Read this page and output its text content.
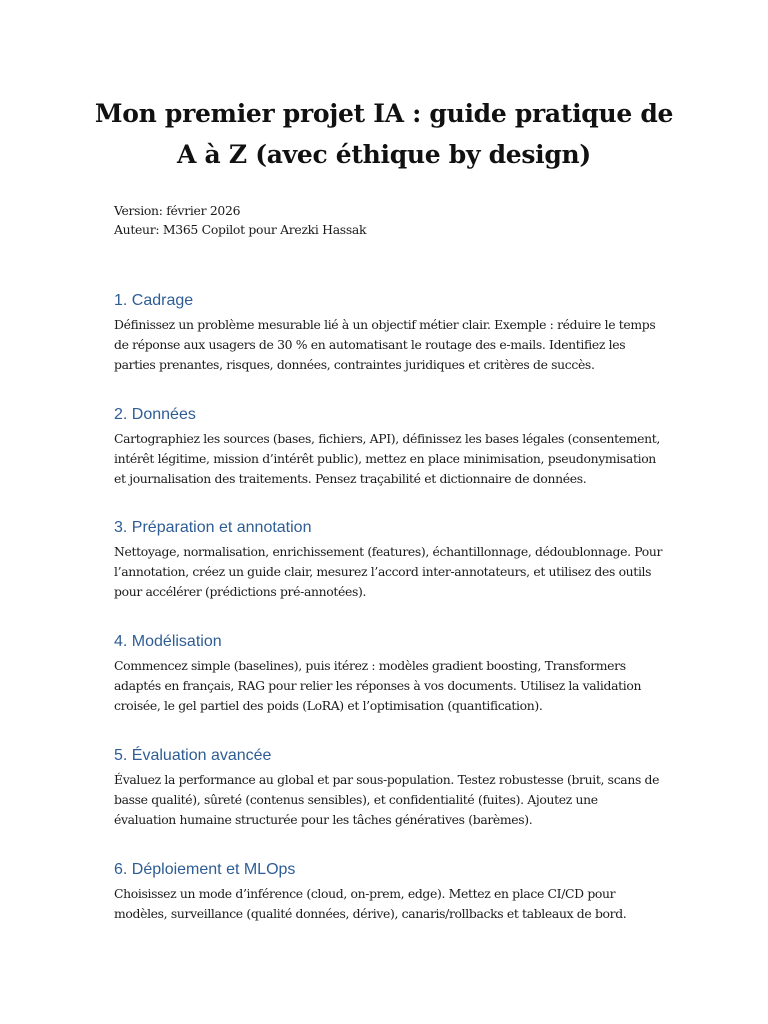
Mon premier projet IA : guide pratique de
A à Z (avec éthique by design)
Version: février 2026
Auteur: M365 Copilot pour Arezki Hassak
1. Cadrage

Définissez un problème mesurable lié à un objectif métier clair. Exemple : réduire le temps
de réponse aux usagers de 30 % en automatisant le routage des e-mails. Identifiez les
parties prenantes, risques, données, contraintes juridiques et critères de succès.

2. Données

Cartographiez les sources (bases, fichiers, API), définissez les bases légales (consentement,
intérêt légitime, mission d’intérêt public), mettez en place minimisation, pseudonymisation
et journalisation des traitements. Pensez traçabilité et dictionnaire de données.

3. Préparation et annotation

Nettoyage, normalisation, enrichissement (features), échantillonnage, dédoublonnage. Pour
l’annotation, créez un guide clair, mesurez l’accord inter-annotateurs, et utilisez des outils
pour accélérer (prédictions pré-annotées).

4. Modélisation

Commencez simple (baselines), puis itérez : modèles gradient boosting, Transformers
adaptés en français, RAG pour relier les réponses à vos documents. Utilisez la validation
croisée, le gel partiel des poids (LoRA) et l’optimisation (quantification).

5. Évaluation avancée

Évaluez la performance au global et par sous-population. Testez robustesse (bruit, scans de
basse qualité), sûreté (contenus sensibles), et confidentialité (fuites). Ajoutez une
évaluation humaine structurée pour les tâches génératives (barèmes).

6. Déploiement et MLOps

Choisissez un mode d’inférence (cloud, on-prem, edge). Mettez en place CI/CD pour
modèles, surveillance (qualité données, dérive), canaris/rollbacks et tableaux de bord.
